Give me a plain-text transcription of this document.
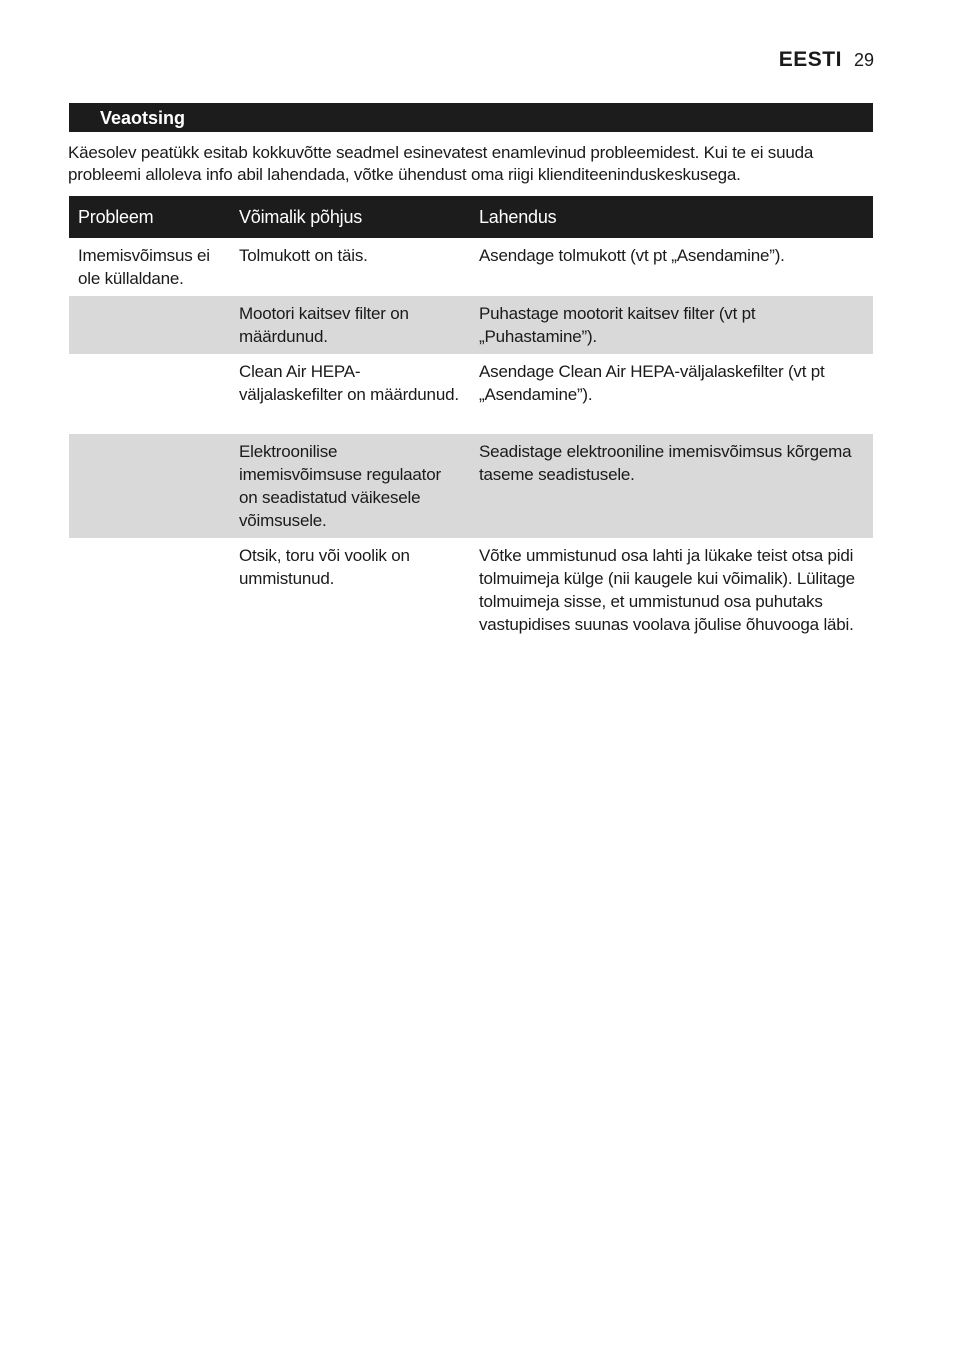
EESTI 29
Veaotsing

Käesolev peatükk esitab kokkuvõtte seadmel esinevatest enamlevinud probleemidest. Kui te ei suuda probleemi alloleva info abil lahendada, võtke ühendust oma riigi klienditeeninduskeskusega.

Probleem	Võimalik põhjus	Lahendus
Imemisvõimsus ei ole küllaldane.	Tolmukott on täis.	Asendage tolmukott (vt pt „Asendamine”).
	Mootori kaitsev filter on määrdunud.	Puhastage mootorit kaitsev filter (vt pt „Puhastamine”).
	Clean Air HEPA-väljalaskefilter on määrdunud.	Asendage Clean Air HEPA-väljalaskefilter (vt pt „Asendamine”).
	Elektroonilise imemisvõimsuse regulaator on seadistatud väikesele võimsusele.	Seadistage elektrooniline imemisvõimsus kõrgema taseme seadistusele.
	Otsik, toru või voolik on ummistunud.	Võtke ummistunud osa lahti ja lükake teist otsa pidi tolmuimeja külge (nii kaugele kui võimalik). Lülitage tolmuimeja sisse, et ummistunud osa puhutaks vastupidises suunas voolava jõulise õhuvooga läbi.
